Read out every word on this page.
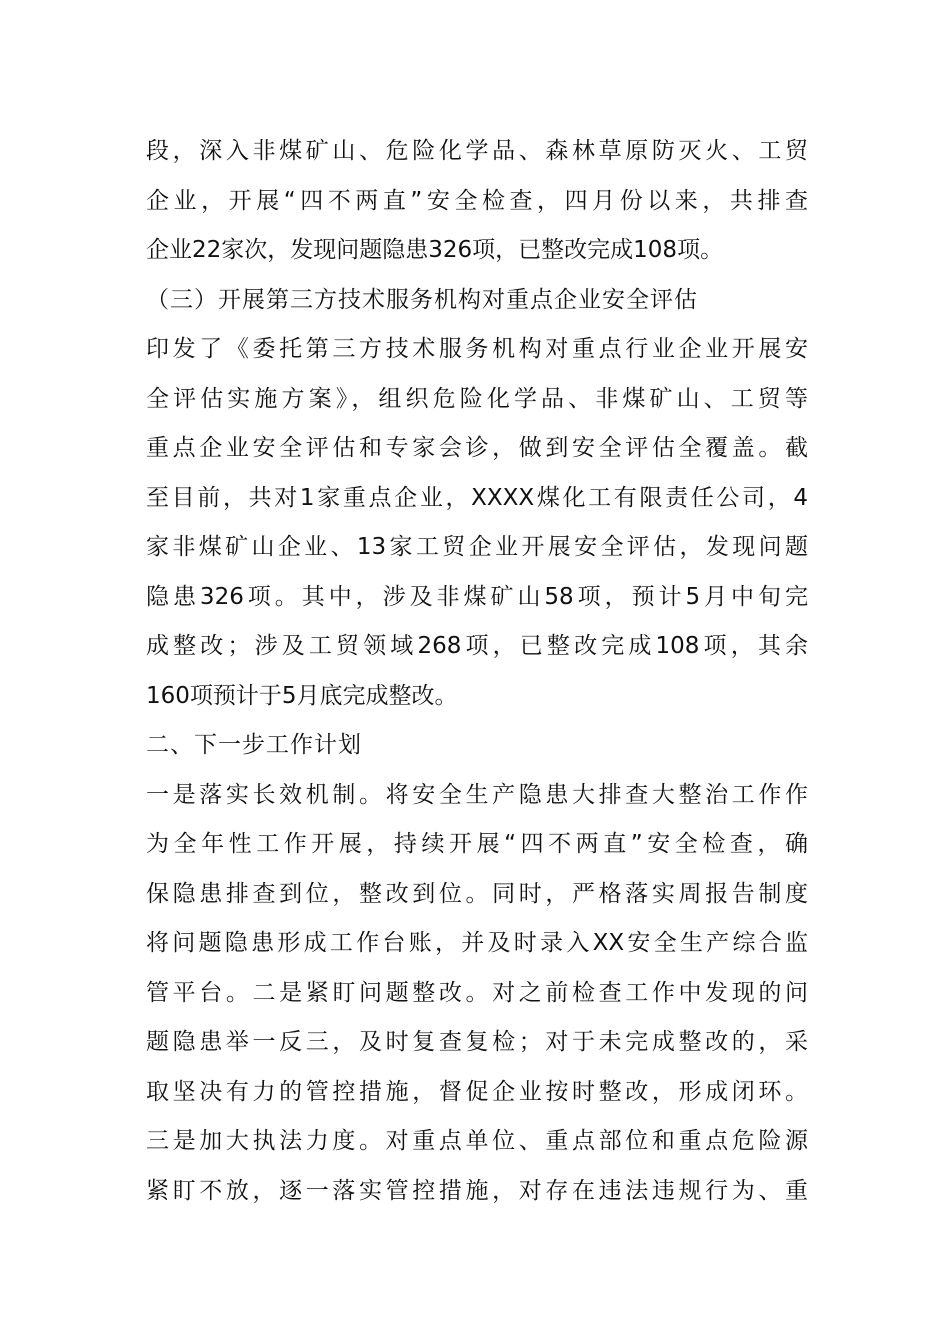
段，深入非煤矿山、危险化学品、森林草原防灭火、工贸
企业，开展“四不两直”安全检查，四月份以来，共排查
企业22家次，发现问题隐患326项，已整改完成108项。
（三）开展第三方技术服务机构对重点企业安全评估
印发了《委托第三方技术服务机构对重点行业企业开展安
全评估实施方案》，组织危险化学品、非煤矿山、工贸等
重点企业安全评估和专家会诊，做到安全评估全覆盖。截
至目前，共对1家重点企业，XXXX煤化工有限责任公司，4
家非煤矿山企业、13家工贸企业开展安全评估，发现问题
隐患326项。其中，涉及非煤矿山58项，预计5月中旬完
成整改；涉及工贸领域268项，已整改完成108项，其余
160项预计于5月底完成整改。
二、下一步工作计划
一是落实长效机制。将安全生产隐患大排查大整治工作作
为全年性工作开展，持续开展“四不两直”安全检查，确
保隐患排查到位，整改到位。同时，严格落实周报告制度
将问题隐患形成工作台账，并及时录入XX安全生产综合监
管平台。二是紧盯问题整改。对之前检查工作中发现的问
题隐患举一反三，及时复查复检；对于未完成整改的，采
取坚决有力的管控措施，督促企业按时整改，形成闭环。
三是加大执法力度。对重点单位、重点部位和重点危险源
紧盯不放，逐一落实管控措施，对存在违法违规行为、重
